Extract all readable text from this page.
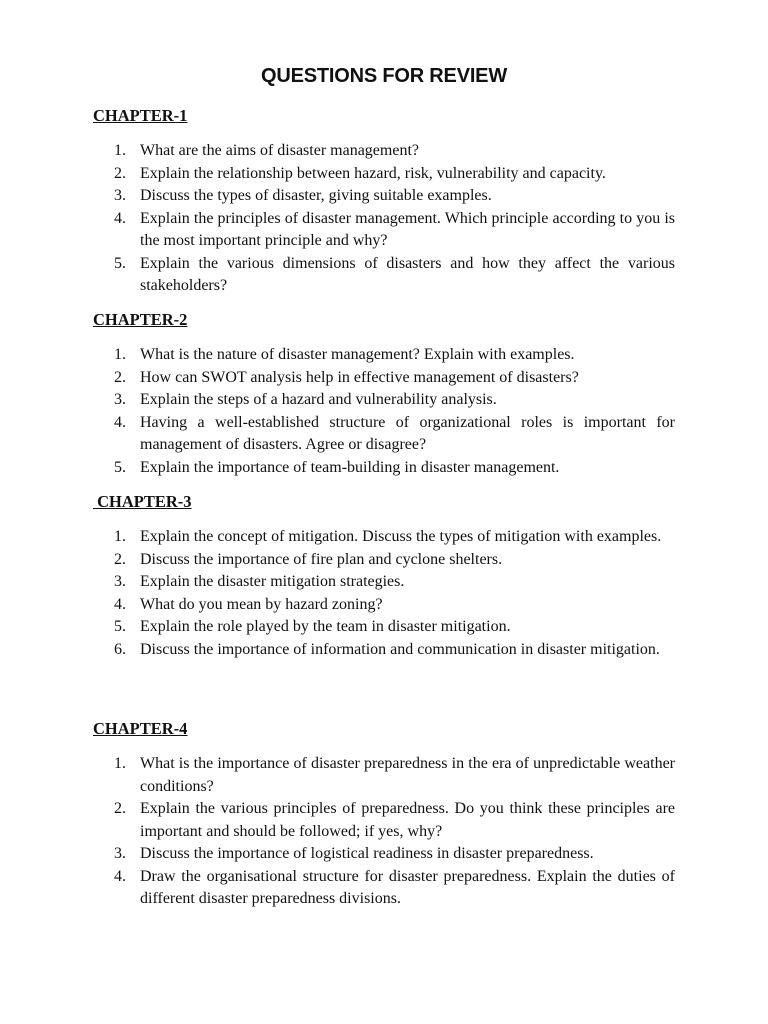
QUESTIONS FOR REVIEW

CHAPTER-1

1. What are the aims of disaster management?
2. Explain the relationship between hazard, risk, vulnerability and capacity.
3. Discuss the types of disaster, giving suitable examples.
4. Explain the principles of disaster management. Which principle according to you is the most important principle and why?
5. Explain the various dimensions of disasters and how they affect the various stakeholders?

CHAPTER-2

1. What is the nature of disaster management? Explain with examples.
2. How can SWOT analysis help in effective management of disasters?
3. Explain the steps of a hazard and vulnerability analysis.
4. Having a well-established structure of organizational roles is important for management of disasters. Agree or disagree?
5. Explain the importance of team-building in disaster management.

CHAPTER-3

1. Explain the concept of mitigation. Discuss the types of mitigation with examples.
2. Discuss the importance of fire plan and cyclone shelters.
3. Explain the disaster mitigation strategies.
4. What do you mean by hazard zoning?
5. Explain the role played by the team in disaster mitigation.
6. Discuss the importance of information and communication in disaster mitigation.

CHAPTER-4

1. What is the importance of disaster preparedness in the era of unpredictable weather conditions?
2. Explain the various principles of preparedness. Do you think these principles are important and should be followed; if yes, why?
3. Discuss the importance of logistical readiness in disaster preparedness.
4. Draw the organisational structure for disaster preparedness. Explain the duties of different disaster preparedness divisions.
